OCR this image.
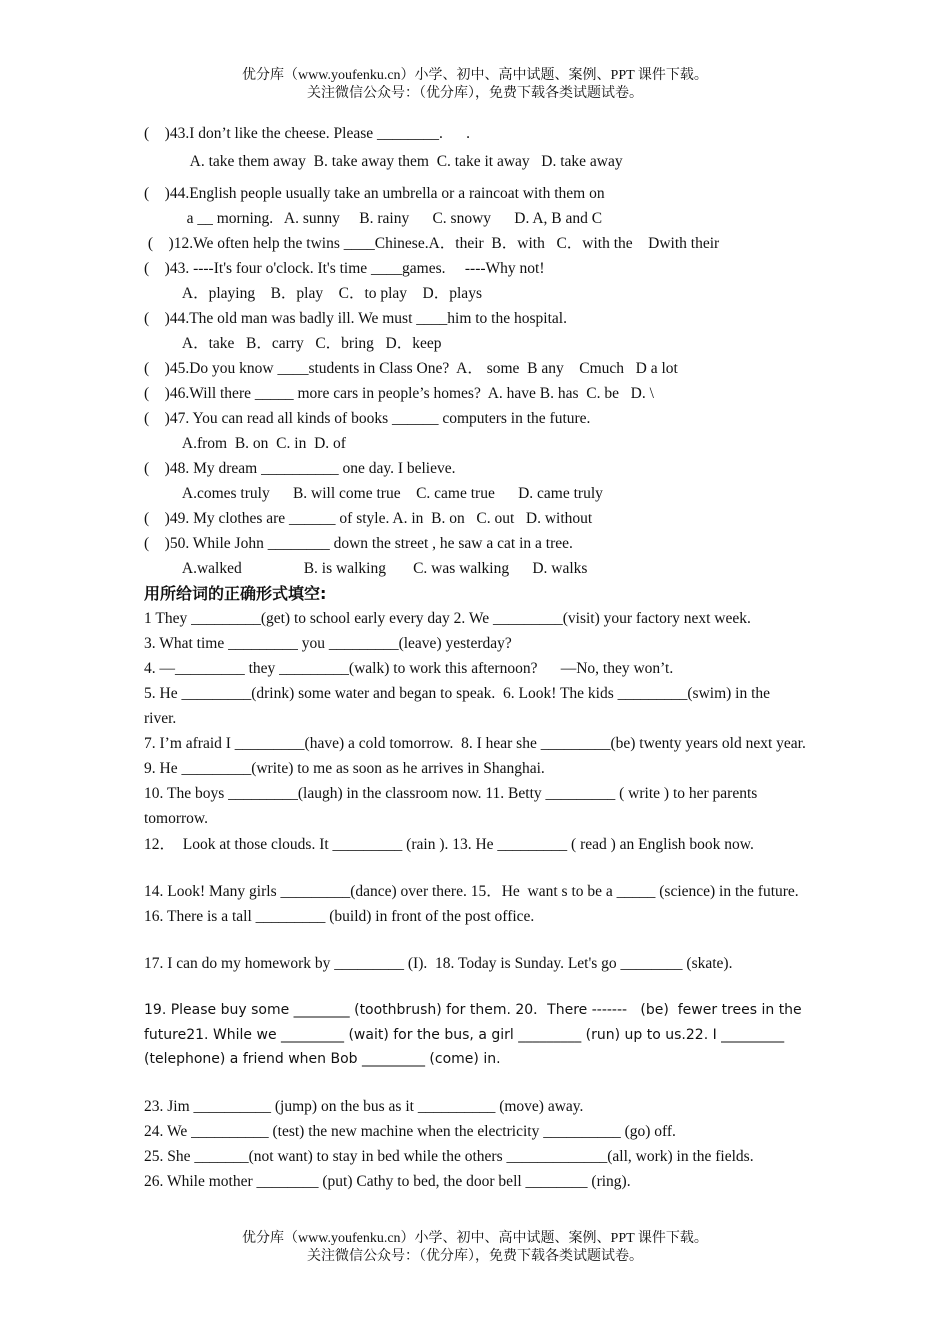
优分库（www.youfenku.cn）小学、初中、高中试题、案例、PPT 课件下载。
关注微信公众号：（优分库），免费下载各类试题试卷。
(    )43.I don’t like the cheese. Please ________.      .
A. take them away  B. take away them  C. take it away   D. take away
(    )44.English people usually take an umbrella or a raincoat with them on
a __ morning.   A. sunny     B. rainy      C. snowy      D. A, B and C
(    )12.We often help the twins ____Chinese.A．their  B．with   C．with the    Dwith their
(    )43. ----It's four o'clock. It's time ____games.     ----Why not!
A．playing    B．play    C．to play    D．plays
(    )44.The old man was badly ill. We must ____him to the hospital.
A．take   B．carry   C．bring   D．keep
(    )45.Do you know ____students in Class One?  A． some  B any    Cmuch   D a lot
(    )46.Will there _____ more cars in people’s homes?  A. have B. has  C. be   D. \
(    )47. You can read all kinds of books ______ computers in the future.
A.from  B. on  C. in  D. of
(    )48. My dream __________ one day. I believe.
A.comes truly      B. will come true    C. came true      D. came truly
(    )49. My clothes are ______ of style. A. in  B. on   C. out   D. without
(    )50. While John ________ down the street , he saw a cat in a tree.
A.walked                B. is walking       C. was walking      D. walks
用所给词的正确形式填空:
1 They _________(get) to school early every day 2. We _________(visit) your factory next week.
3. What time _________ you _________(leave) yesterday?
4. —_________ they _________(walk) to work this afternoon?      —No, they won’t.
5. He _________(drink) some water and began to speak.  6. Look! The kids _________(swim) in the river.
7. I’m afraid I _________(have) a cold tomorrow.  8. I hear she _________(be) twenty years old next year.
9. He _________(write) to me as soon as he arrives in Shanghai.
10. The boys _________(laugh) in the classroom now. 11. Betty _________ ( write ) to her parents tomorrow.
12．  Look at those clouds. It _________ (rain ). 13. He _________ ( read ) an English book now.
14. Look! Many girls _________(dance) over there. 15．He  want s to be a _____ (science) in the future.        16. There is a tall _________ (build) in front of the post office.
17. I can do my homework by _________ (I).  18. Today is Sunday. Let's go ________ (skate).
19. Please buy some ________ (toothbrush) for them. 20．There -------   (be)  fewer trees in the future21. While we _________ (wait) for the bus, a girl _________ (run) up to us.22. I _________ (telephone) a friend when Bob _________ (come) in.
23. Jim __________ (jump) on the bus as it __________ (move) away.
24. We __________ (test) the new machine when the electricity __________ (go) off.
25. She _______(not want) to stay in bed while the others _____________(all, work) in the fields.
26. While mother ________ (put) Cathy to bed, the door bell ________ (ring).
优分库（www.youfenku.cn）小学、初中、高中试题、案例、PPT 课件下载。
关注微信公众号：（优分库），免费下载各类试题试卷。
